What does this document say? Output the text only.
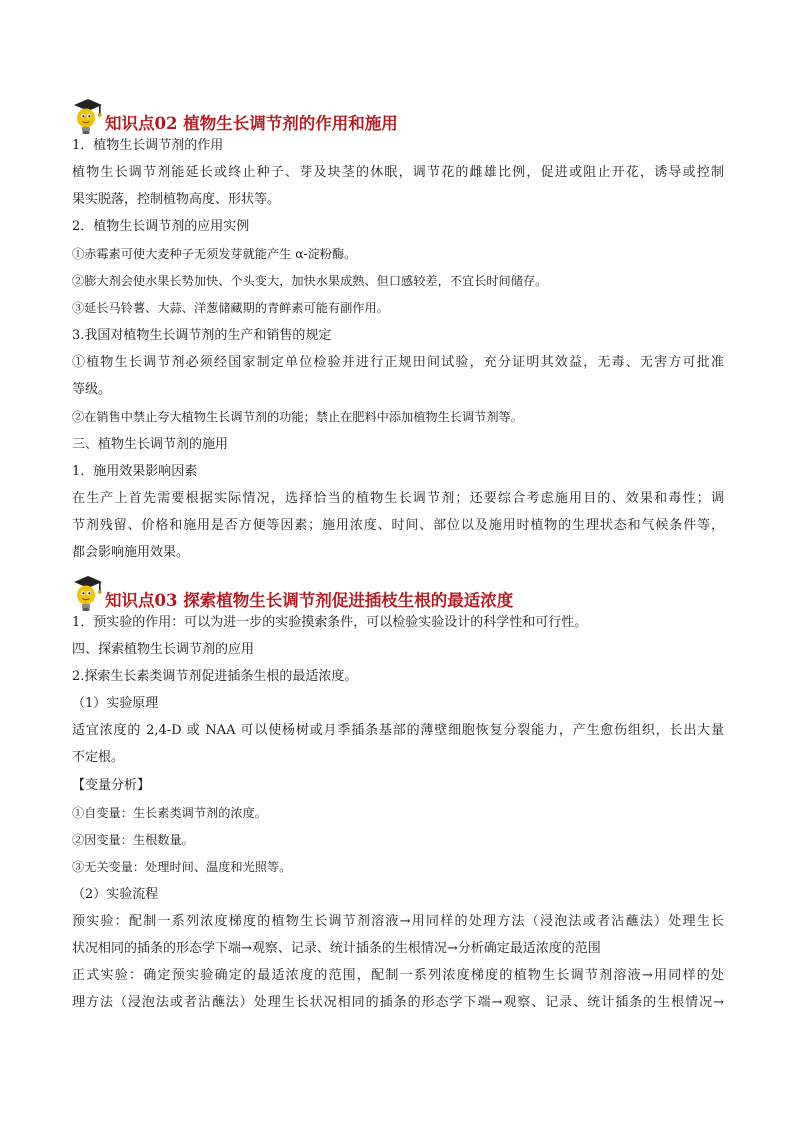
知识点02 植物生长调节剂的作用和施用
1．植物生长调节剂的作用
植物生长调节剂能延长或终止种子、芽及块茎的休眠，调节花的雌雄比例，促进或阻止开花，诱导或控制
果实脱落，控制植物高度、形状等。
2．植物生长调节剂的应用实例
①赤霉素可使大麦种子无须发芽就能产生 α-淀粉酶。
②膨大剂会使水果长势加快、个头变大，加快水果成熟、但口感较差，不宜长时间储存。
③延长马铃薯、大蒜、洋葱储藏期的青鲜素可能有副作用。
3.我国对植物生长调节剂的生产和销售的规定
①植物生长调节剂必须经国家制定单位检验并进行正规田间试验，充分证明其效益，无毒、无害方可批准
等级。
②在销售中禁止夸大植物生长调节剂的功能；禁止在肥料中添加植物生长调节剂等。
三、植物生长调节剂的施用
1．施用效果影响因素
在生产上首先需要根据实际情况，选择恰当的植物生长调节剂；还要综合考虑施用目的、效果和毒性；调
节剂残留、价格和施用是否方便等因素；施用浓度、时间、部位以及施用时植物的生理状态和气候条件等，
都会影响施用效果。
知识点03 探索植物生长调节剂促进插枝生根的最适浓度
1．预实验的作用：可以为进一步的实验摸索条件，可以检验实验设计的科学性和可行性。
四、探索植物生长调节剂的应用
2.探索生长素类调节剂促进插条生根的最适浓度。
（1）实验原理
适宜浓度的 2,4-D 或 NAA 可以使杨树或月季插条基部的薄壁细胞恢复分裂能力，产生愈伤组织，长出大量
不定根。
【变量分析】
①自变量：生长素类调节剂的浓度。
②因变量：生根数量。
③无关变量：处理时间、温度和光照等。
（2）实验流程
预实验：配制一系列浓度梯度的植物生长调节剂溶液→用同样的处理方法（浸泡法或者沾蘸法）处理生长
状况相同的插条的形态学下端→观察、记录、统计插条的生根情况→分析确定最适浓度的范围
正式实验：确定预实验确定的最适浓度的范围，配制一系列浓度梯度的植物生长调节剂溶液→用同样的处
理方法（浸泡法或者沾蘸法）处理生长状况相同的插条的形态学下端→观察、记录、统计插条的生根情况→
